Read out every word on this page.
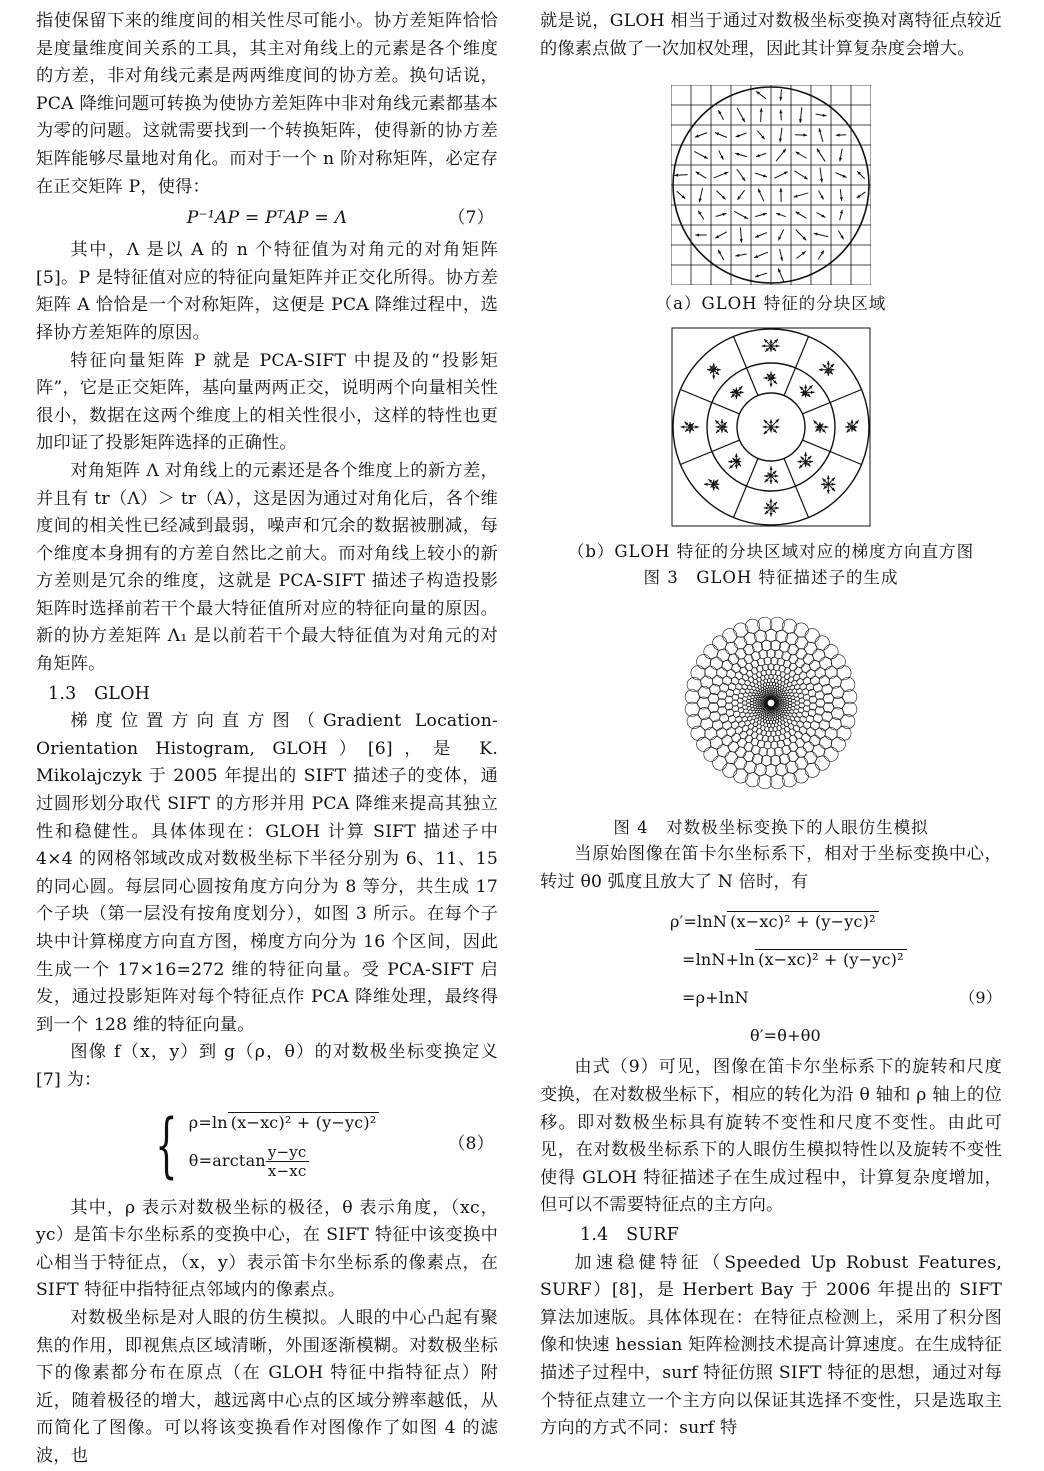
指使保留下来的维度间的相关性尽可能小。协方差矩阵恰恰是度量维度间关系的工具，其主对角线上的元素是各个维度的方差，非对角线元素是两两维度间的协方差。换句话说，PCA 降维问题可转换为使协方差矩阵中非对角线元素都基本为零的问题。这就需要找到一个转换矩阵，使得新的协方差矩阵能够尽量地对角化。而对于一个 n 阶对称矩阵，必定存在正交矩阵 P，使得：

P⁻¹AP = PᵀAP = Λ	（7）

其中，Λ 是以 A 的 n 个特征值为对角元的对角矩阵 [5]。P 是特征值对应的特征向量矩阵并正交化所得。协方差矩阵 A 恰恰是一个对称矩阵，这便是 PCA 降维过程中，选择协方差矩阵的原因。

特征向量矩阵 P 就是 PCA-SIFT 中提及的“投影矩阵”，它是正交矩阵，基向量两两正交，说明两个向量相关性很小，数据在这两个维度上的相关性很小，这样的特性也更加印证了投影矩阵选择的正确性。

对角矩阵 Λ 对角线上的元素还是各个维度上的新方差，并且有 tr（Λ）＞ tr（A），这是因为通过对角化后，各个维度间的相关性已经减到最弱，噪声和冗余的数据被删减，每个维度本身拥有的方差自然比之前大。而对角线上较小的新方差则是冗余的维度，这就是 PCA-SIFT 描述子构造投影矩阵时选择前若干个最大特征值所对应的特征向量的原因。新的协方差矩阵 Λ₁ 是以前若干个最大特征值为对角元的对角矩阵。

1.3　GLOH

梯度位置方向直方图（Gradient Location-Orientation Histogram, GLOH）[6]，是 K. Mikolajczyk 于 2005 年提出的 SIFT 描述子的变体，通过圆形划分取代 SIFT 的方形并用 PCA 降维来提高其独立性和稳健性。具体体现在：GLOH 计算 SIFT 描述子中 4×4 的网格邻域改成对数极坐标下半径分别为 6、11、15 的同心圆。每层同心圆按角度方向分为 8 等分，共生成 17 个子块（第一层没有按角度划分），如图 3 所示。在每个子块中计算梯度方向直方图，梯度方向分为 16 个区间，因此生成一个 17×16=272 维的特征向量。受 PCA-SIFT 启发，通过投影矩阵对每个特征点作 PCA 降维处理，最终得到一个 128 维的特征向量。

图像 f（x，y）到 g（ρ，θ）的对数极坐标变换定义 [7] 为：

{ ρ=ln (x−xc)² + (y−yc)²
$\theta=\arctan \frac{y-yc}{x-xc}$	（8）

其中，ρ 表示对数极坐标的极径，θ 表示角度，（xc，yc）是笛卡尔坐标系的变换中心，在 SIFT 特征中该变换中心相当于特征点，（x，y）表示笛卡尔坐标系的像素点，在 SIFT 特征中指特征点邻域内的像素点。

对数极坐标是对人眼的仿生模拟。人眼的中心凸起有聚焦的作用，即视焦点区域清晰，外围逐渐模糊。对数极坐标下的像素都分布在原点（在 GLOH 特征中指特征点）附近，随着极径的增大，越远离中心点的区域分辨率越低，从而简化了图像。可以将该变换看作对图像作了如图 4 的滤波，也

就是说，GLOH 相当于通过对数极坐标变换对离特征点较近的像素点做了一次加权处理，因此其计算复杂度会增大。

（a）GLOH 特征的分块区域
（b）GLOH 特征的分块区域对应的梯度方向直方图
图 3　GLOH 特征描述子的生成
图 4　对数极坐标变换下的人眼仿生模拟

当原始图像在笛卡尔坐标系下，相对于坐标变换中心，转过 θ0 弧度且放大了 N 倍时，有

ρ′=lnN (x−xc)² + (y−yc)²
=lnN+ln (x−xc)² + (y−yc)²
=ρ+lnN	（9）
θ′=θ+θ0

由式（9）可见，图像在笛卡尔坐标系下的旋转和尺度变换，在对数极坐标下，相应的转化为沿 θ 轴和 ρ 轴上的位移。即对数极坐标具有旋转不变性和尺度不变性。由此可见，在对数极坐标系下的人眼仿生模拟特性以及旋转不变性使得 GLOH 特征描述子在生成过程中，计算复杂度增加，但可以不需要特征点的主方向。

1.4　SURF

加速稳健特征（Speeded Up Robust Features, SURF）[8]，是 Herbert Bay 于 2006 年提出的 SIFT 算法加速版。具体体现在：在特征点检测上，采用了积分图像和快速 hessian 矩阵检测技术提高计算速度。在生成特征描述子过程中，surf 特征仿照 SIFT 特征的思想，通过对每个特征点建立一个主方向以保证其选择不变性，只是选取主方向的方式不同：surf 特
